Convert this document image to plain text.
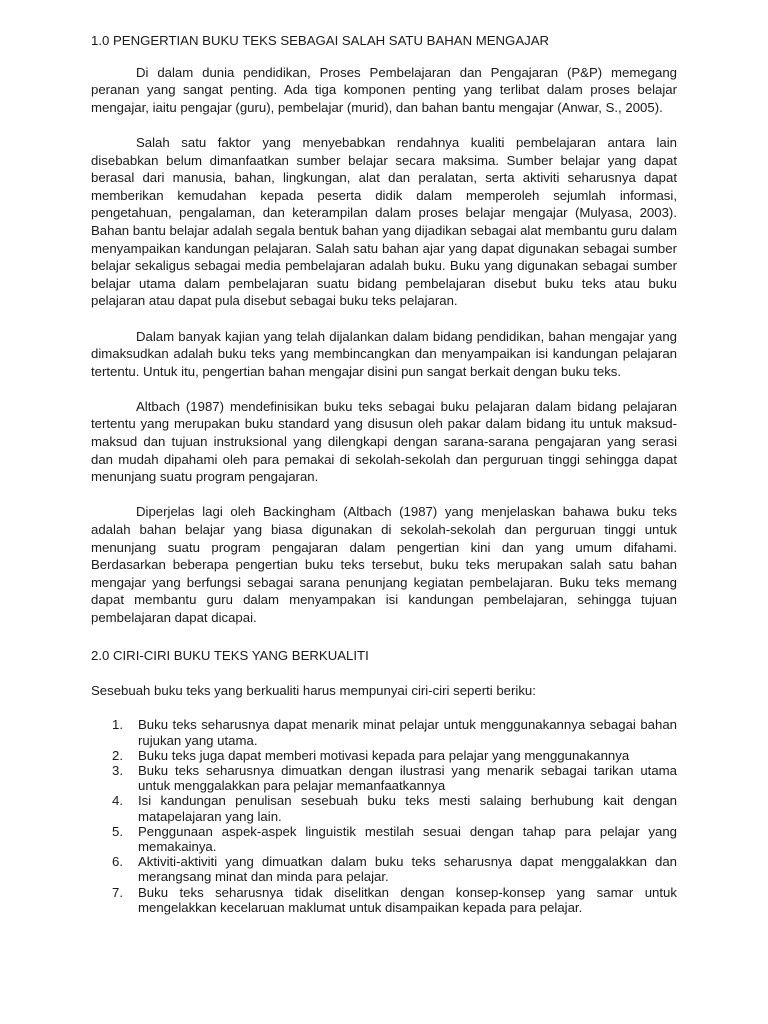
1.0 PENGERTIAN BUKU TEKS SEBAGAI SALAH SATU BAHAN MENGAJAR

Di dalam dunia pendidikan, Proses Pembelajaran dan Pengajaran (P&P) memegang peranan yang sangat penting. Ada tiga komponen penting yang terlibat dalam proses belajar mengajar, iaitu pengajar (guru), pembelajar (murid), dan bahan bantu mengajar (Anwar, S., 2005).

Salah satu faktor yang menyebabkan rendahnya kualiti pembelajaran antara lain disebabkan belum dimanfaatkan sumber belajar secara maksima. Sumber belajar yang dapat berasal dari manusia, bahan, lingkungan, alat dan peralatan, serta aktiviti seharusnya dapat memberikan kemudahan kepada peserta didik dalam memperoleh sejumlah informasi, pengetahuan, pengalaman, dan keterampilan dalam proses belajar mengajar (Mulyasa, 2003). Bahan bantu belajar adalah segala bentuk bahan yang dijadikan sebagai alat membantu guru dalam menyampaikan kandungan pelajaran. Salah satu bahan ajar yang dapat digunakan sebagai sumber belajar sekaligus sebagai media pembelajaran adalah buku. Buku yang digunakan sebagai sumber belajar utama dalam pembelajaran suatu bidang pembelajaran disebut buku teks atau buku pelajaran atau dapat pula disebut sebagai buku teks pelajaran.

Dalam banyak kajian yang telah dijalankan dalam bidang pendidikan, bahan mengajar yang dimaksudkan adalah buku teks yang membincangkan dan menyampaikan isi kandungan pelajaran tertentu. Untuk itu, pengertian bahan mengajar disini pun sangat berkait dengan buku teks.

Altbach (1987) mendefinisikan buku teks sebagai buku pelajaran dalam bidang pelajaran tertentu yang merupakan buku standard yang disusun oleh pakar dalam bidang itu untuk maksud-maksud dan tujuan instruksional yang dilengkapi dengan sarana-sarana pengajaran yang serasi dan mudah dipahami oleh para pemakai di sekolah-sekolah dan perguruan tinggi sehingga dapat menunjang suatu program pengajaran.

Diperjelas lagi oleh Backingham (Altbach (1987) yang menjelaskan bahawa buku teks adalah bahan belajar yang biasa digunakan di sekolah-sekolah dan perguruan tinggi untuk menunjang suatu program pengajaran dalam pengertian kini dan yang umum difahami. Berdasarkan beberapa pengertian buku teks tersebut, buku teks merupakan salah satu bahan mengajar yang berfungsi sebagai sarana penunjang kegiatan pembelajaran. Buku teks memang dapat membantu guru dalam menyampakan isi kandungan pembelajaran, sehingga tujuan pembelajaran dapat dicapai.

2.0 CIRI-CIRI BUKU TEKS YANG BERKUALITI

Sesebuah buku teks yang berkualiti harus mempunyai ciri-ciri seperti beriku:

1. Buku teks seharusnya dapat menarik minat pelajar untuk menggunakannya sebagai bahan rujukan yang utama.
2. Buku teks juga dapat memberi motivasi kepada para pelajar yang menggunakannya
3. Buku teks seharusnya dimuatkan dengan ilustrasi yang menarik sebagai tarikan utama untuk menggalakkan para pelajar memanfaatkannya
4. Isi kandungan penulisan sesebuah buku teks mesti salaing berhubung kait dengan matapelajaran yang lain.
5. Penggunaan aspek-aspek linguistik mestilah sesuai dengan tahap para pelajar yang memakainya.
6. Aktiviti-aktiviti yang dimuatkan dalam buku teks seharusnya dapat menggalakkan dan merangsang minat dan minda para pelajar.
7. Buku teks seharusnya tidak diselitkan dengan konsep-konsep yang samar untuk mengelakkan kecelaruan maklumat untuk disampaikan kepada para pelajar.
